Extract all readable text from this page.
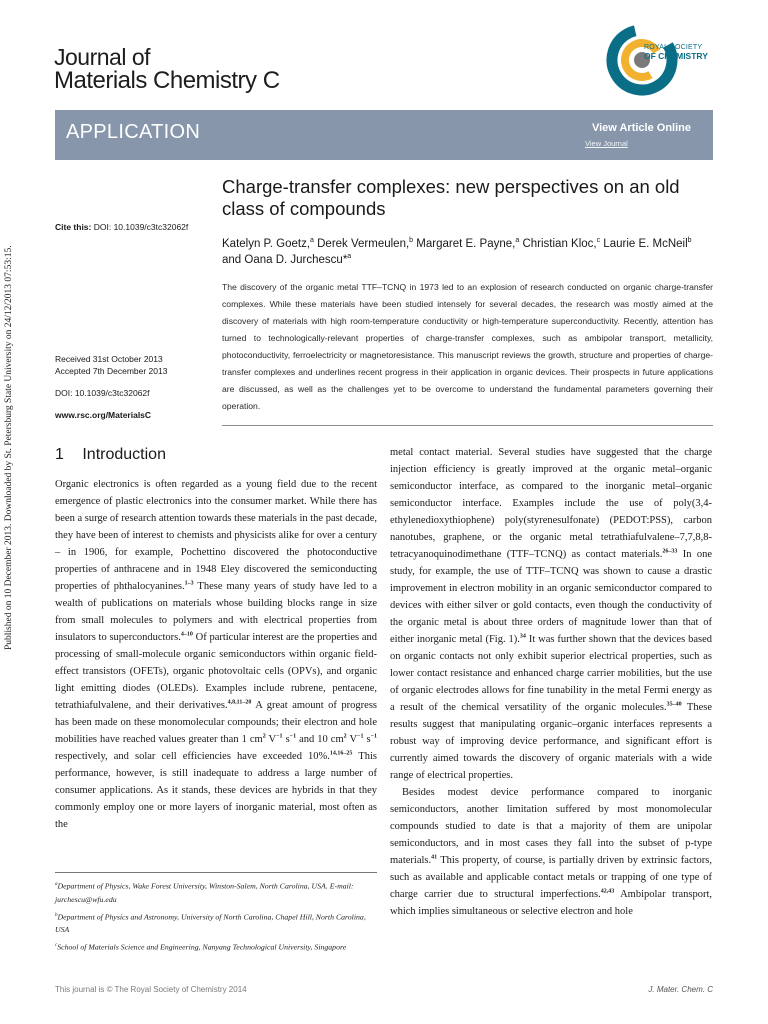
Published on 10 December 2013. Downloaded by St. Petersburg State University on 24/12/2013 07:53:15.
Journal of
Materials Chemistry C
ROYAL SOCIETY
OF CHEMISTRY
APPLICATION	View Article Online
View Journal
Cite this: DOI: 10.1039/c3tc32062f
Charge-transfer complexes: new perspectives on an old class of compounds
Katelyn P. Goetz,$^a$ Derek Vermeulen,$^b$ Margaret E. Payne,$^a$ Christian Kloc,$^c$ Laurie E. McNeil$^b$ and Oana D. Jurchescu*$^a$
Received 31st October 2013
Accepted 7th December 2013
DOI: 10.1039/c3tc32062f
www.rsc.org/MaterialsC
The discovery of the organic metal TTF–TCNQ in 1973 led to an explosion of research conducted on organic charge-transfer complexes. While these materials have been studied intensely for several decades, the research was mostly aimed at the discovery of materials with high room-temperature conductivity or high-temperature superconductivity. Recently, attention has turned to technologically-relevant properties of charge-transfer complexes, such as ambipolar transport, metallicity, photoconductivity, ferroelectricity or magnetoresistance. This manuscript reviews the growth, structure and properties of charge-transfer complexes and underlines recent progress in their application in organic devices. Their prospects in future applications are discussed, as well as the challenges yet to be overcome to understand the fundamental parameters governing their operation.
1 Introduction

Organic electronics is often regarded as a young field due to the recent emergence of plastic electronics into the consumer market. While there has been a surge of research attention towards these materials in the past decade, they have been of interest to chemists and physicists alike for over a century – in 1906, for example, Pochettino discovered the photoconductive properties of anthracene and in 1948 Eley discovered the semiconducting properties of phthalocyanines.$^{1-3}$ These many years of study have led to a wealth of publications on materials whose building blocks range in size from small molecules to polymers and with electrical properties from insulators to superconductors.$^{4-10}$ Of particular interest are the properties and processing of small-molecule organic semiconductors within organic field-effect transistors (OFETs), organic photovoltaic cells (OPVs), and organic light emitting diodes (OLEDs). Examples include rubrene, pentacene, tetrathiafulvalene, and their derivatives.$^{4,8,11-20}$ A great amount of progress has been made on these monomolecular compounds; their electron and hole mobilities have reached values greater than 1 $cm^2$ $V^{-1}$ $s^{-1}$ and 10 $cm^2$ $V^{-1}$ $s^{-1}$ respectively, and solar cell efficiencies have exceeded 10%.$^{14,16-25}$ This performance, however, is still inadequate to address a large number of consumer applications. As it stands, these devices are hybrids in that they commonly employ one or more layers of inorganic material, most often as the

metal contact material. Several studies have suggested that the charge injection efficiency is greatly improved at the organic metal–organic semiconductor interface, as compared to the inorganic metal–organic semiconductor interface. Examples include the use of poly(3,4-ethylenedioxythiophene) poly(styrenesulfonate) (PEDOT:PSS), carbon nanotubes, graphene, or the organic metal tetrathiafulvalene–7,7,8,8-tetracyanoquinodimethane (TTF–TCNQ) as contact materials.$^{26-33}$ In one study, for example, the use of TTF–TCNQ was shown to cause a drastic improvement in electron mobility in an organic semiconductor compared to devices with either silver or gold contacts, even though the conductivity of the organic metal is about three orders of magnitude lower than that of either inorganic metal (Fig. 1).$^{34}$ It was further shown that the devices based on organic contacts not only exhibit superior electrical properties, such as lower contact resistance and enhanced charge carrier mobilities, but the use of organic electrodes allows for fine tunability in the metal Fermi energy as a result of the chemical versatility of the organic molecules.$^{35-40}$ These results suggest that manipulating organic–organic interfaces represents a robust way of improving device performance, and significant effort is currently aimed towards the discovery of organic materials with a wide range of electrical properties.

Besides modest device performance compared to inorganic semiconductors, another limitation suffered by most monomolecular compounds studied to date is that a majority of them are unipolar semiconductors, and in most cases they fall into the subset of p-type materials.$^{41}$ This property, of course, is partially driven by extrinsic factors, such as available and applicable contact metals or trapping of one type of charge carrier due to structural imperfections.$^{42,43}$ Ambipolar transport, which implies simultaneous or selective electron and hole

$^a$Department of Physics, Wake Forest University, Winston-Salem, North Carolina, USA. E-mail: jurchescu@wfu.edu
$^b$Department of Physics and Astronomy, University of North Carolina, Chapel Hill, North Carolina, USA
$^c$School of Materials Science and Engineering, Nanyang Technological University, Singapore
This journal is © The Royal Society of Chemistry 2014	J. Mater. Chem. C
